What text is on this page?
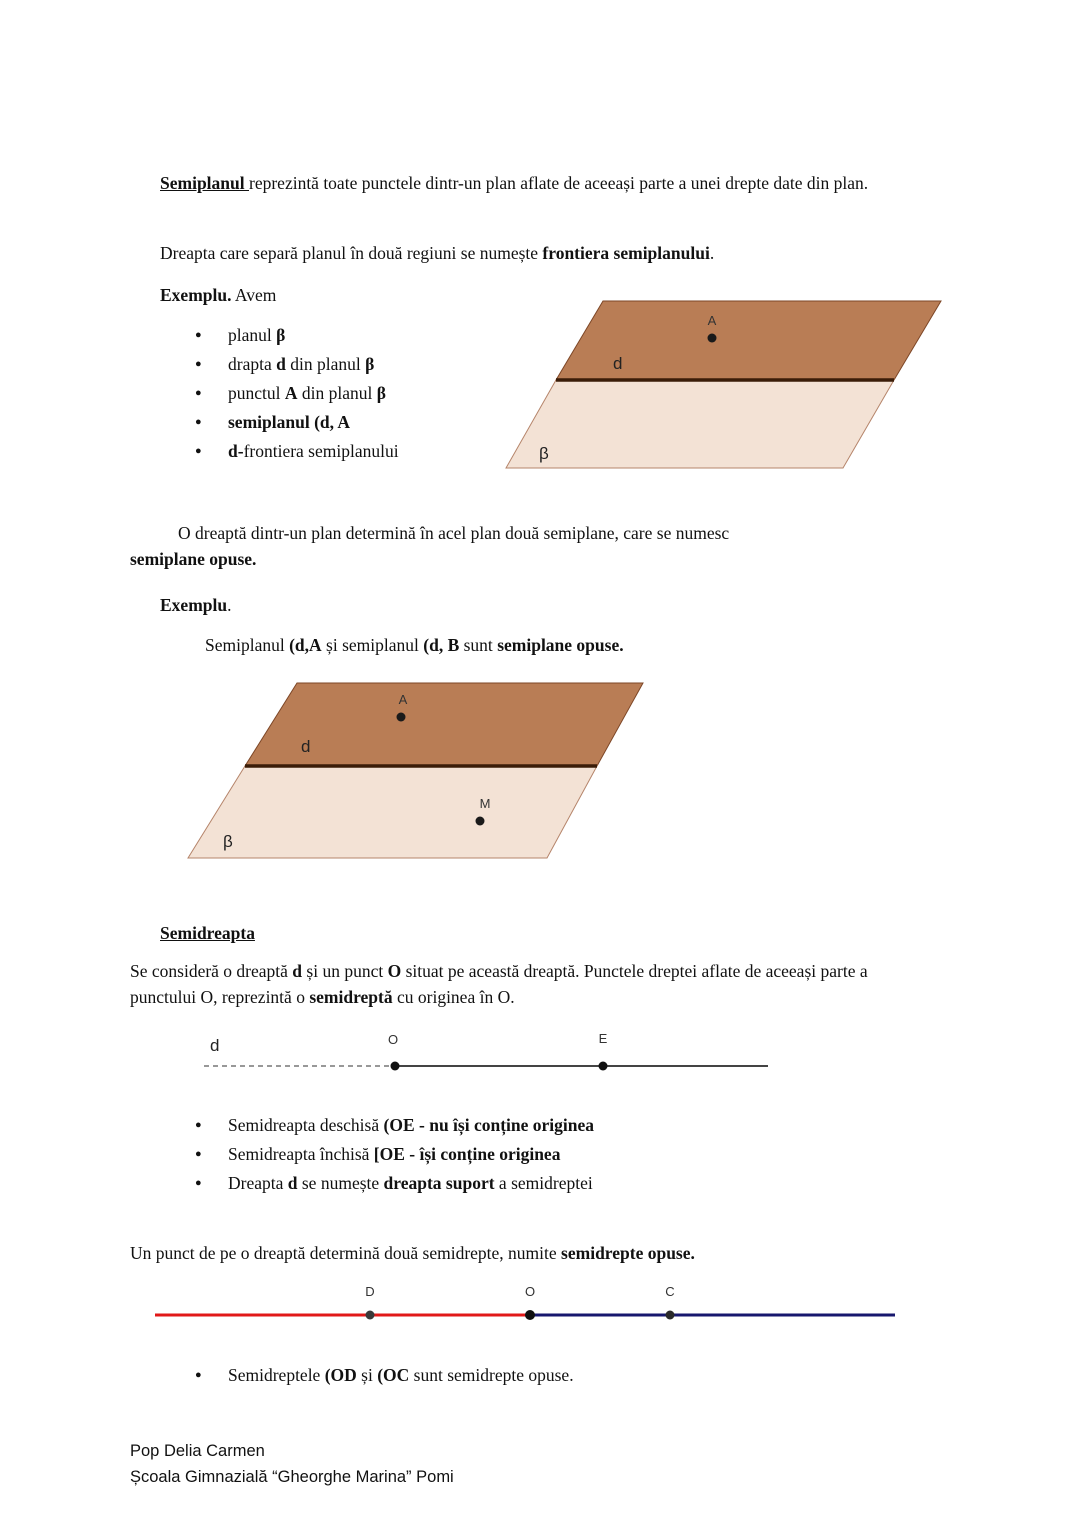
Semiplanul reprezintă toate punctele dintr-un plan aflate de aceeași parte a unei drepte date din plan.

Dreapta care separă planul în două regiuni se numește frontiera semiplanului.

Exemplu. Avem

●	planul β
●	drapta d din planul β
●	punctul A din planul β
●	semiplanul (d, A
●	d-frontiera semiplanului
A
d
β

O dreaptă dintr-un plan determină în acel plan două semiplane, care se numesc
semiplane opuse.

Exemplu.

Semiplanul (d,A și semiplanul (d, B sunt semiplane opuse.

A
d
M
β

Semidreapta

Se consideră o dreaptă d și un punct O situat pe această dreaptă. Punctele dreptei aflate de aceeași parte a punctului O, reprezintă o semidreptă cu originea în O.

d	O	E
●	Semidreapta deschisă (OE - nu își conține originea
●	Semidreapta închisă [OE - își conține originea
●	Dreapta d se numește dreapta suport a semidreptei

Un punct de pe o dreaptă determină două semidrepte, numite semidrepte opuse.

D	O	C
●	Semidreptele (OD și (OC sunt semidrepte opuse.
Pop Delia Carmen
Școala Gimnazială “Gheorghe Marina” Pomi
